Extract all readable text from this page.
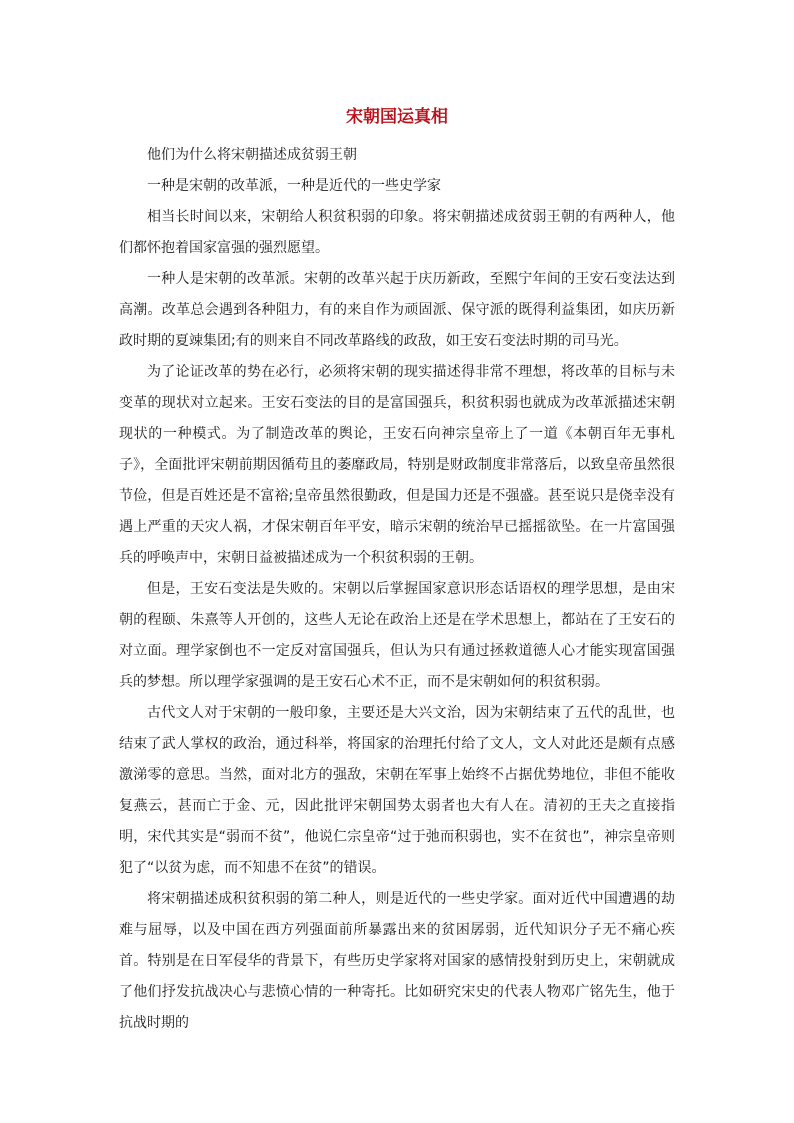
宋朝国运真相

他们为什么将宋朝描述成贫弱王朝

一种是宋朝的改革派，一种是近代的一些史学家

相当长时间以来，宋朝给人积贫积弱的印象。将宋朝描述成贫弱王朝的有两种人，他们都怀抱着国家富强的强烈愿望。

一种人是宋朝的改革派。宋朝的改革兴起于庆历新政，至熙宁年间的王安石变法达到高潮。改革总会遇到各种阻力，有的来自作为顽固派、保守派的既得利益集团，如庆历新政时期的夏竦集团;有的则来自不同改革路线的政敌，如王安石变法时期的司马光。

为了论证改革的势在必行，必须将宋朝的现实描述得非常不理想，将改革的目标与未变革的现状对立起来。王安石变法的目的是富国强兵，积贫积弱也就成为改革派描述宋朝现状的一种模式。为了制造改革的舆论，王安石向神宗皇帝上了一道《本朝百年无事札子》，全面批评宋朝前期因循苟且的萎靡政局，特别是财政制度非常落后，以致皇帝虽然很节俭，但是百姓还是不富裕;皇帝虽然很勤政，但是国力还是不强盛。甚至说只是侥幸没有遇上严重的天灾人祸，才保宋朝百年平安，暗示宋朝的统治早已摇摇欲坠。在一片富国强兵的呼唤声中，宋朝日益被描述成为一个积贫积弱的王朝。

但是，王安石变法是失败的。宋朝以后掌握国家意识形态话语权的理学思想，是由宋朝的程颐、朱熹等人开创的，这些人无论在政治上还是在学术思想上，都站在了王安石的对立面。理学家倒也不一定反对富国强兵，但认为只有通过拯救道德人心才能实现富国强兵的梦想。所以理学家强调的是王安石心术不正，而不是宋朝如何的积贫积弱。

古代文人对于宋朝的一般印象，主要还是大兴文治，因为宋朝结束了五代的乱世，也结束了武人掌权的政治，通过科举，将国家的治理托付给了文人，文人对此还是颇有点感激涕零的意思。当然，面对北方的强敌，宋朝在军事上始终不占据优势地位，非但不能收复燕云，甚而亡于金、元，因此批评宋朝国势太弱者也大有人在。清初的王夫之直接指明，宋代其实是“弱而不贫”，他说仁宗皇帝“过于弛而积弱也，实不在贫也”，神宗皇帝则犯了“以贫为虑，而不知患不在贫”的错误。

将宋朝描述成积贫积弱的第二种人，则是近代的一些史学家。面对近代中国遭遇的劫难与屈辱，以及中国在西方列强面前所暴露出来的贫困孱弱，近代知识分子无不痛心疾首。特别是在日军侵华的背景下，有些历史学家将对国家的感情投射到历史上，宋朝就成了他们抒发抗战决心与悲愤心情的一种寄托。比如研究宋史的代表人物邓广铭先生，他于抗战时期的
